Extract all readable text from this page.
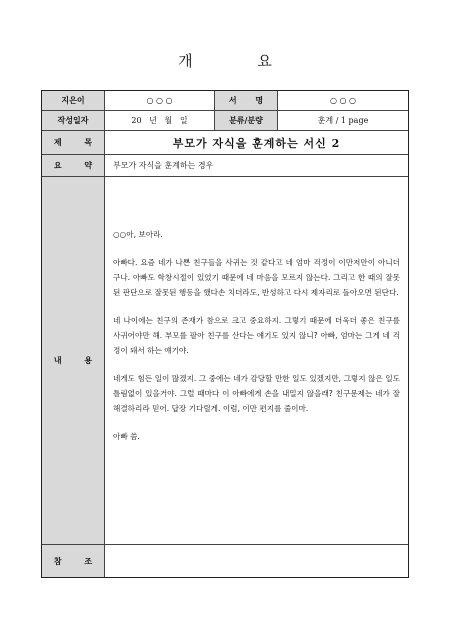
개 요
지은이	○ ○ ○	서 명	○ ○ ○
작성일자	20   년   월   일	분류/분량	훈계 / 1 page
제 목	부모가 자식을 훈계하는 서신 2
요 약	부모가 자식을 훈계하는 경우
내 용

○○아, 보아라.

아빠다. 요즘 네가 나쁜 친구들을 사귀는 것 같다고 네 엄마 걱정이 이만저만이 아니더구나. 아빠도 학창시절이 있었기 때문에 네 마음을 모르지 않는다. 그리고 한 때의 잘못된 판단으로 잘못된 행동을 했다손 치더라도, 반성하고 다시 제자리로 돌아오면 된단다.

네 나이에는 친구의 존재가 참으로 크고 중요하지. 그렇기 때문에 더욱더 좋은 친구를 사귀어야만 해. 부모를 팔아 친구를 산다는 얘기도 있지 않니? 아빠, 엄마는 그게 네 걱정이 돼서 하는 얘기야.

네게도 힘든 일이 많겠지. 그 중에는 네가 감당할 만한 일도 있겠지만, 그렇지 않은 일도 틀림없이 있을거야. 그럴 때마다 이 아빠에게 손을 내밀지 않을래? 친구문제는 네가 잘 해결하리라 믿어. 답장 기다릴게. 이럼, 이만 편지를 줄이마.

아빠 씀.

참 조
